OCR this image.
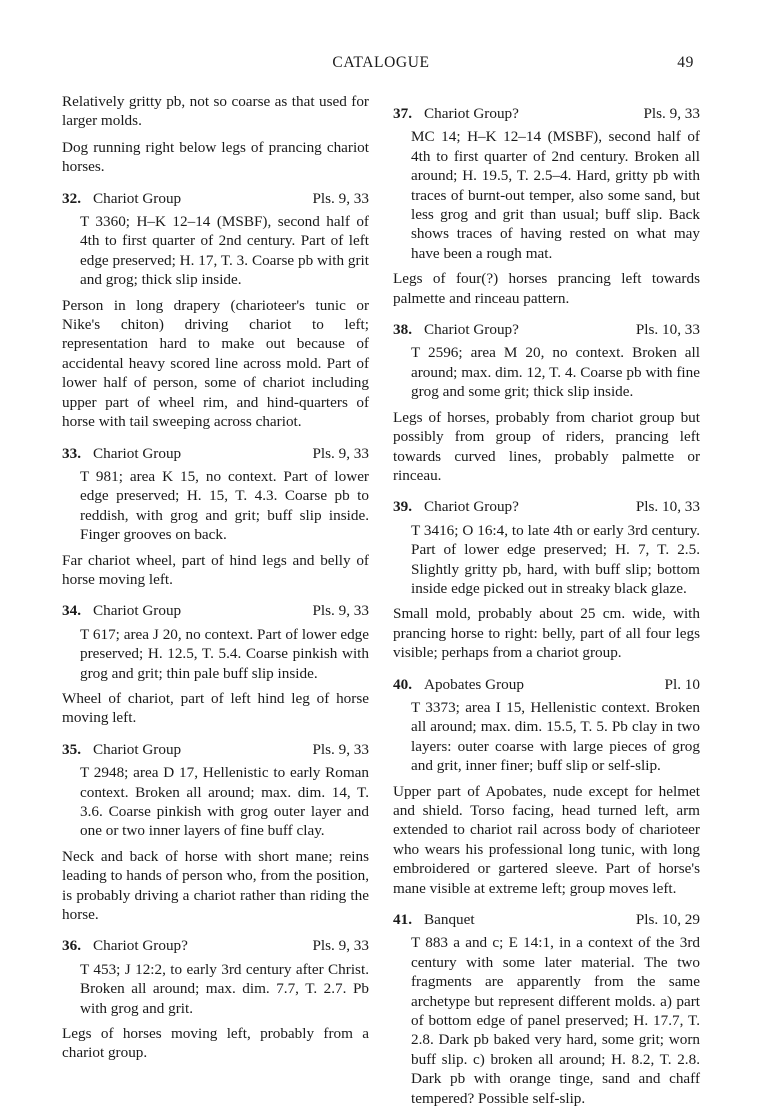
CATALOGUE	49

Relatively gritty pb, not so coarse as that used for larger molds.

Dog running right below legs of prancing chariot horses.

32. Chariot Group	Pls. 9, 33

T 3360; H–K 12–14 (MSBF), second half of 4th to first quarter of 2nd century. Part of left edge preserved; H. 17, T. 3. Coarse pb with grit and grog; thick slip inside.

Person in long drapery (charioteer's tunic or Nike's chiton) driving chariot to left; representation hard to make out because of accidental heavy scored line across mold. Part of lower half of person, some of chariot including upper part of wheel rim, and hind-quarters of horse with tail sweeping across chariot.

33. Chariot Group	Pls. 9, 33

T 981; area K 15, no context. Part of lower edge preserved; H. 15, T. 4.3. Coarse pb to reddish, with grog and grit; buff slip inside. Finger grooves on back.

Far chariot wheel, part of hind legs and belly of horse moving left.

34. Chariot Group	Pls. 9, 33

T 617; area J 20, no context. Part of lower edge preserved; H. 12.5, T. 5.4. Coarse pinkish with grog and grit; thin pale buff slip inside.

Wheel of chariot, part of left hind leg of horse moving left.

35. Chariot Group	Pls. 9, 33

T 2948; area D 17, Hellenistic to early Roman context. Broken all around; max. dim. 14, T. 3.6. Coarse pinkish with grog outer layer and one or two inner layers of fine buff clay.

Neck and back of horse with short mane; reins leading to hands of person who, from the position, is probably driving a chariot rather than riding the horse.

36. Chariot Group?	Pls. 9, 33

T 453; J 12:2, to early 3rd century after Christ. Broken all around; max. dim. 7.7, T. 2.7. Pb with grog and grit.

Legs of horses moving left, probably from a chariot group.

37. Chariot Group?	Pls. 9, 33

MC 14; H–K 12–14 (MSBF), second half of 4th to first quarter of 2nd century. Broken all around; H. 19.5, T. 2.5–4. Hard, gritty pb with traces of burnt-out temper, also some sand, but less grog and grit than usual; buff slip. Back shows traces of having rested on what may have been a rough mat.

Legs of four(?) horses prancing left towards palmette and rinceau pattern.

38. Chariot Group?	Pls. 10, 33

T 2596; area M 20, no context. Broken all around; max. dim. 12, T. 4. Coarse pb with fine grog and some grit; thick slip inside.

Legs of horses, probably from chariot group but possibly from group of riders, prancing left towards curved lines, probably palmette or rinceau.

39. Chariot Group?	Pls. 10, 33

T 3416; O 16:4, to late 4th or early 3rd century. Part of lower edge preserved; H. 7, T. 2.5. Slightly gritty pb, hard, with buff slip; bottom inside edge picked out in streaky black glaze.

Small mold, probably about 25 cm. wide, with prancing horse to right: belly, part of all four legs visible; perhaps from a chariot group.

40. Apobates Group	Pl. 10

T 3373; area I 15, Hellenistic context. Broken all around; max. dim. 15.5, T. 5. Pb clay in two layers: outer coarse with large pieces of grog and grit, inner finer; buff slip or self-slip.

Upper part of Apobates, nude except for helmet and shield. Torso facing, head turned left, arm extended to chariot rail across body of charioteer who wears his professional long tunic, with long embroidered or gartered sleeve. Part of horse's mane visible at extreme left; group moves left.

41. Banquet	Pls. 10, 29

T 883 a and c; E 14:1, in a context of the 3rd century with some later material. The two fragments are apparently from the same archetype but represent different molds. a) part of bottom edge of panel preserved; H. 17.7, T. 2.8. Dark pb baked very hard, some grit; worn buff slip. c) broken all around; H. 8.2, T. 2.8. Dark pb with orange tinge, sand and chaff tempered? Possible self-slip.
